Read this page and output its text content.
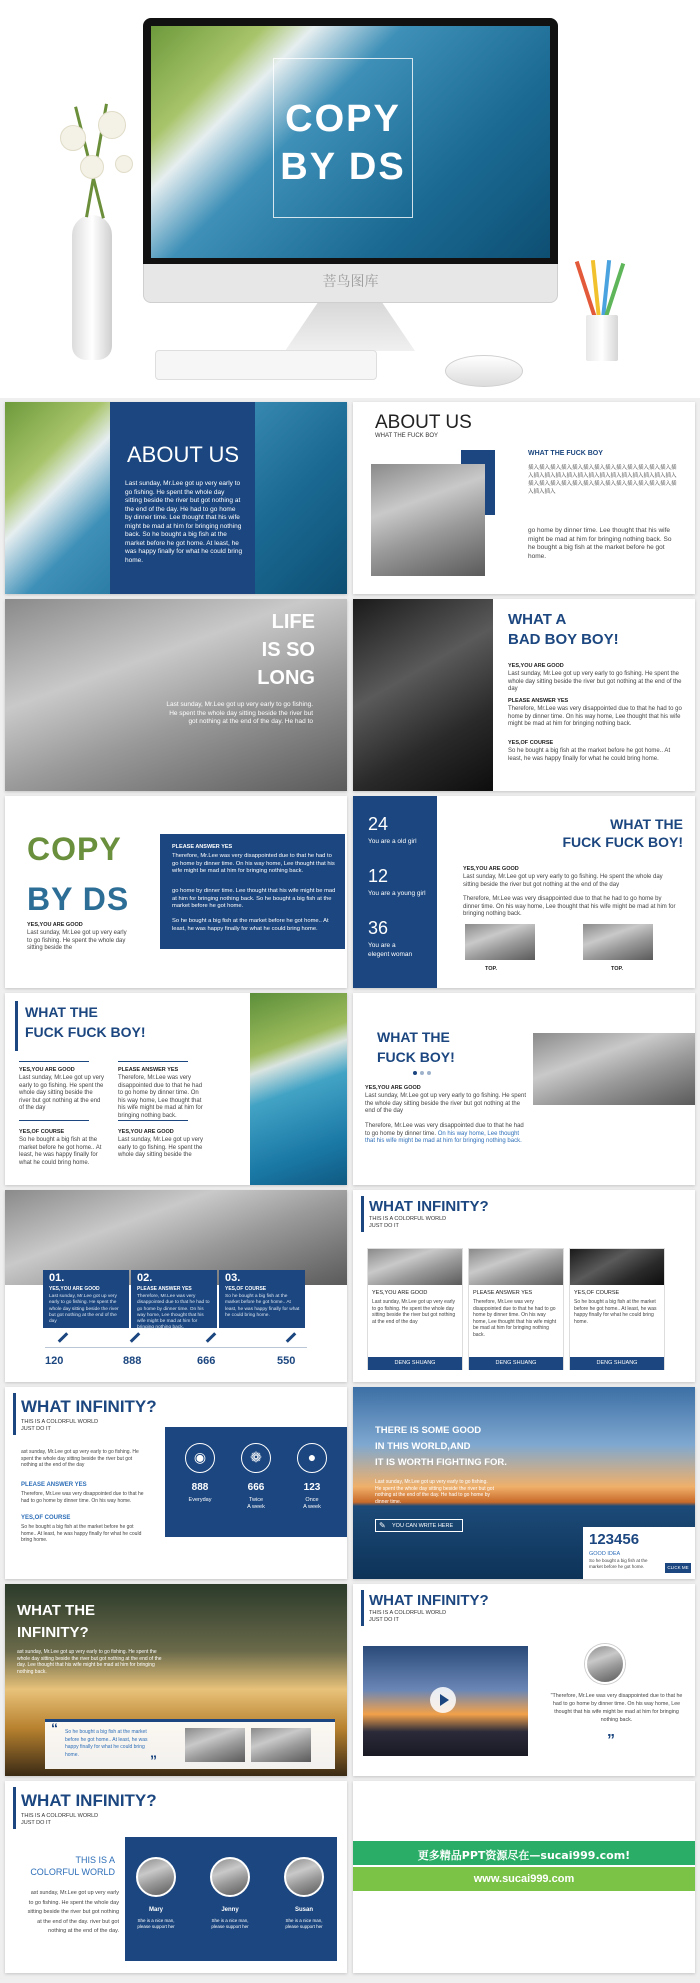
COPY
BY DS
菩鸟图库
ABOUT US
Last sunday, Mr.Lee got up very early to go fishing. He spent the whole day sitting beside the river but got nothing at the end of the day. He had to go home by dinner time. Lee thought that his wife might be mad at him for bringing nothing back. So he bought a big fish at the market before he got home. At least, he was happy finally for what he could bring home.
ABOUT US
WHAT THE FUCK BOY
WHAT THE FUCK BOY
插入插入插入插入插入插入插入插入插入插入插入插入插入插入插入插入插入插入插入插入插入插入插入插入插入插入插入插入插入插入插入插入插入插入插入插入插入插入插入插入插入插入插入
go home by dinner time. Lee thought that his wife might be mad at him for bringing nothing back. So he bought a big fish at the market before he got home.
LIFE
IS SO
LONG
Last sunday, Mr.Lee got up very early to go fishing. He spent the whole day sitting beside the river but got nothing at the end of the day. He had to
WHAT A
BAD BOY BOY!
YES,YOU ARE GOOD
Last sunday, Mr.Lee got up very early to go fishing. He spent the whole day sitting beside the river but got nothing at the end of the day
PLEASE ANSWER YES
Therefore, Mr.Lee was very disappointed due to that he had to go home by dinner time. On his way home, Lee thought that his wife might be mad at him for bringing nothing back.
YES,OF COURSE
So he bought a big fish at the market before he got home.. At least, he was happy finally for what he could bring home.
COPY
BY DS
YES,YOU ARE GOOD
Last sunday, Mr.Lee got up very early to go fishing. He spent the whole day sitting beside the
PLEASE ANSWER YES
Therefore, Mr.Lee was very disappointed due to that he had to go home by dinner time. On his way home, Lee thought that his wife might be mad at him for bringing nothing back.
go home by dinner time. Lee thought that his wife might be mad at him for bringing nothing back. So he bought a big fish at the market before he got home.
So he bought a big fish at the market before he got home.. At least, he was happy finally for what he could bring home.
24
You are a old girl
12
You are a young girl
36
You are a elegent woman
WHAT THE
FUCK FUCK BOY!
YES,YOU ARE GOOD
Last sunday, Mr.Lee got up very early to go fishing. He spent the whole day sitting beside the river but got nothing at the end of the day
Therefore, Mr.Lee was very disappointed due to that he had to go home by dinner time. On his way home, Lee thought that his wife might be mad at him for bringing nothing back.
TOP.	TOP.
WHAT THE
FUCK FUCK BOY!
YES,YOU ARE GOOD
Last sunday, Mr.Lee got up very early to go fishing. He spent the whole day sitting beside the river but got nothing at the end of the day
PLEASE ANSWER YES
Therefore, Mr.Lee was very disappointed due to that he had to go home by dinner time. On his way home, Lee thought that his wife might be mad at him for bringing nothing back.
YES,OF COURSE
So he bought a big fish at the market before he got home.. At least, he was happy finally for what he could bring home.
YES,YOU ARE GOOD
Last sunday, Mr.Lee got up very early to go fishing. He spent the whole day sitting beside the
WHAT THE
FUCK BOY!
YES,YOU ARE GOOD
Last sunday, Mr.Lee got up very early to go fishing. He spent the whole day sitting beside the river but got nothing at the end of the day
Therefore, Mr.Lee was very disappointed due to that he had to go home by dinner time. On his way home, Lee thought that his wife might be mad at him for bringing nothing back.
01.
YES,YOU ARE GOOD
Last sunday, Mr.Lee got up very early to go fishing. He spent the whole day sitting beside the river but got nothing at the end of the day
02.
PLEASE ANSWER YES
Therefore, Mr.Lee was very disappointed due to that he had to go home by dinner time. On his way home, Lee thought that his wife might be mad at him for bringing nothing back.
03.
YES,OF COURSE
So he bought a big fish at the market before he got home.. At least, he was happy finally for what he could bring home.
120	888	666	550
WHAT INFINITY?
THIS IS A COLORFUL WORLD
JUST DO IT
YES,YOU ARE GOOD
Last sunday, Mr.Lee got up very early to go fishing. He spent the whole day sitting beside the river but got nothing at the end of the day
DENG SHUANG
PLEASE ANSWER YES
Therefore, Mr.Lee was very disappointed due to that he had to go home by dinner time. On his way home, Lee thought that his wife might be mad at him for bringing nothing back.
DENG SHUANG
YES,OF COURSE
So he bought a big fish at the market before he got home.. At least, he was happy finally for what he could bring home.
DENG SHUANG
WHAT INFINITY?
THIS IS A COLORFUL WORLD
JUST DO IT
ast sunday, Mr.Lee got up very early to go fishing. He spent the whole day sitting beside the river but got nothing at the end of the day
PLEASE ANSWER YES
Therefore, Mr.Lee was very disappointed due to that he had to go home by dinner time. On his way home.
YES,OF COURSE
So he bought a big fish at the market before he got home.. At least, he was happy finally for what he could bring home.
◉	❁	●
888
Everyday
666
Twice
A week
123
Once
A week
THERE IS SOME GOOD
IN THIS WORLD,AND
IT IS WORTH FIGHTING FOR.
Last sunday, Mr.Lee got up very early to go fishing. He spent the whole day sitting beside the river but got nothing at the end of the day. He had to go home by dinner time.
✎ YOU CAN WRITE HERE
123456
GOOD IDEA
So he bought a big fish at the market before he got home.	CLICK ME
WHAT THE
INFINITY?
ast sunday, Mr.Lee got up very early to go fishing. He spent the whole day sitting beside the river but got nothing at the end of the day. Lee thought that his wife might be mad at him for bringing nothing back.
“ So he bought a big fish at the market before he got home.. At least, he was happy finally for what he could bring home.	”
WHAT INFINITY?
THIS IS A COLORFUL WORLD
JUST DO IT
"Therefore, Mr.Lee was very disappointed due to that he had to go home by dinner time. On his way home, Lee thought that his wife might be mad at him for bringing nothing back.
”
WHAT INFINITY?
THIS IS A COLORFUL WORLD
JUST DO IT
THIS IS A
COLORFUL WORLD
ast sunday, Mr.Lee got up very early to go fishing. He spent the whole day sitting beside the river but got nothing at the end of the day. river but got nothing at the end of the day.
Mary
She is a nice man, please support her
Jenny
She is a nice man, please support her
Susan
She is a nice man, please support her
更多精品PPT资源尽在—sucai999.com!
www.sucai999.com
